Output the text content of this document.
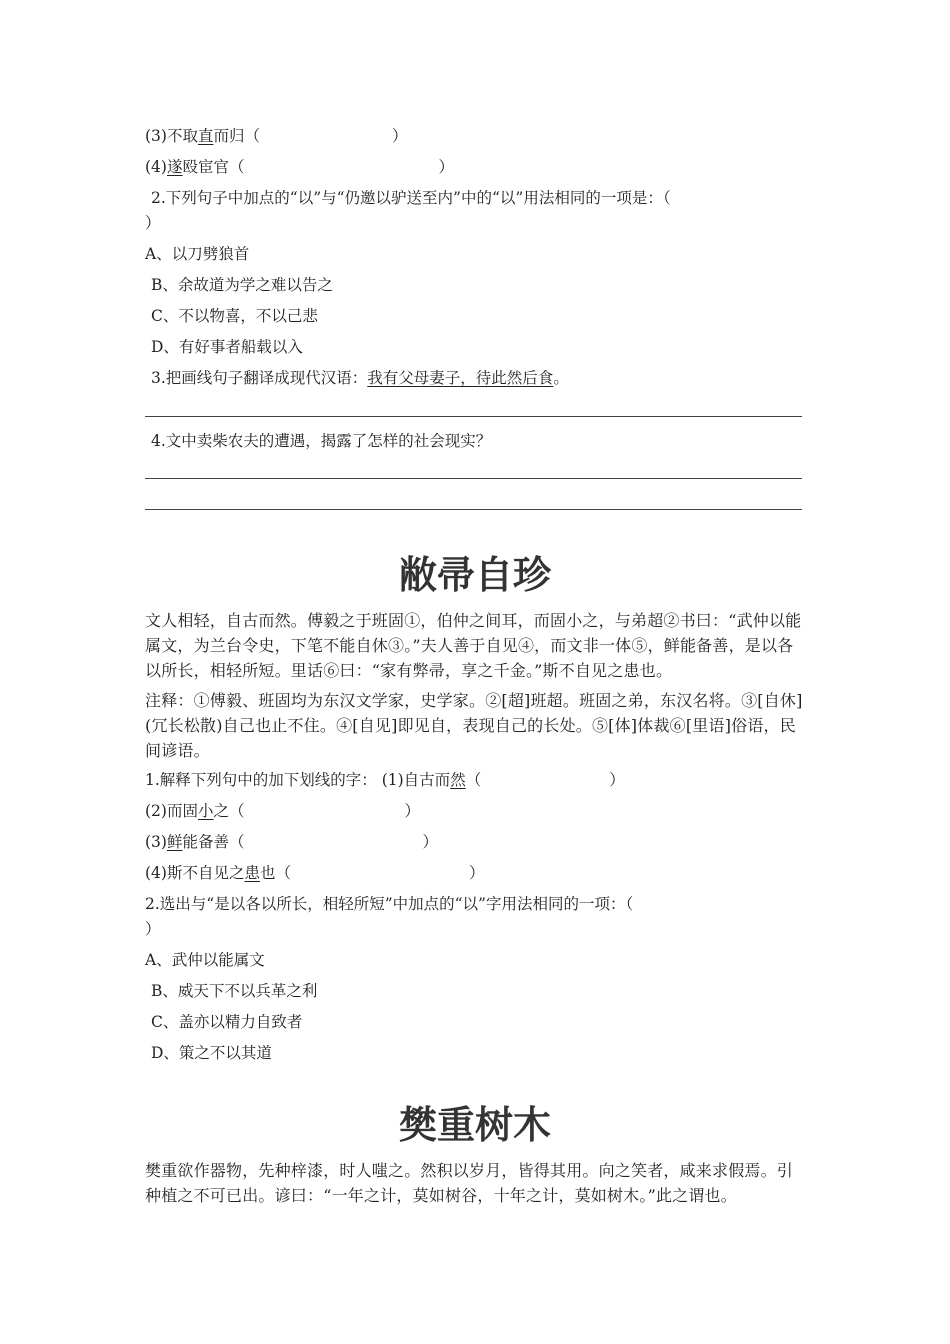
(3)不取直而归（	）
(4)遂殴宦官（	）
2.下列句子中加点的“以”与“仍邀以驴送至内”中的“以”用法相同的一项是：（
）
A、以刀劈狼首
B、余故道为学之难以告之
C、不以物喜，不以己悲
D、有好事者船载以入
3.把画线句子翻译成现代汉语：我有父母妻子，待此然后食。
4.文中卖柴农夫的遭遇，揭露了怎样的社会现实？
敝帚自珍

文人相轻，自古而然。傅毅之于班固①，伯仲之间耳，而固小之，与弟超②书曰：“武仲以能属文，为兰台令史，下笔不能自休③。”夫人善于自见④，而文非一体⑤，鲜能备善，是以各以所长，相轻所短。里话⑥曰：“家有弊帚，享之千金。”斯不自见之患也。

注释：①傅毅、班固均为东汉文学家，史学家。②[超]班超。班固之弟，东汉名将。③[自休](冗长松散)自己也止不住。④[自见]即见自，表现自己的长处。⑤[体]体裁⑥[里语]俗语，民间谚语。

1.解释下列句中的加下划线的字： (1)自古而然（	）
(2)而固小之（	）
(3)鲜能备善（	）
(4)斯不自见之患也（	）
2.选出与“是以各以所长，相轻所短”中加点的“以”字用法相同的一项：（
）
A、武仲以能属文
B、威天下不以兵革之利
C、盖亦以精力自致者
D、策之不以其道
樊重树木

樊重欲作器物，先种梓漆，时人嗤之。然积以岁月，皆得其用。向之笑者，咸来求假焉。引种植之不可已出。谚曰：“一年之计，莫如树谷，十年之计，莫如树木。”此之谓也。
